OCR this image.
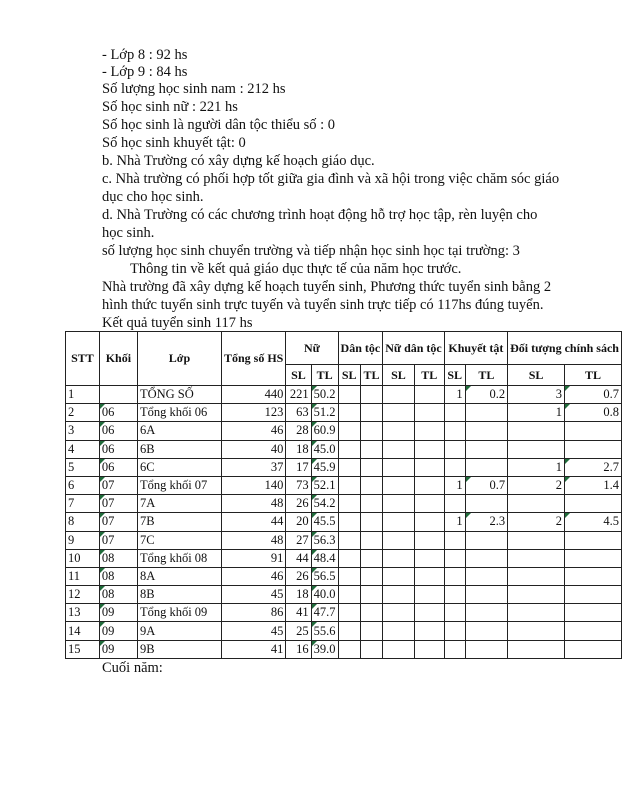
- Lớp 8 : 92 hs
- Lớp 9 : 84 hs
Số lượng học sinh nam : 212 hs
Số học sinh nữ : 221 hs
Số học sinh là người dân tộc thiểu số : 0
Số học sinh khuyết tật: 0
b. Nhà Trường có xây dựng kế hoạch giáo dục.
c. Nhà trường có phối hợp tốt giữa gia đình và xã hội trong việc chăm sóc giáo
dục cho học sinh.
d. Nhà Trường có các chương trình hoạt động hỗ trợ học tập, rèn luyện cho
học sinh.
số lượng học sinh chuyển trường và tiếp nhận học sinh học tại trường: 3
Thông tin về kết quả giáo dục thực tế của năm học trước.
Nhà trường đã xây dựng kế hoạch tuyển sinh, Phương thức tuyển sinh bằng 2
hình thức tuyển sinh trực tuyến và tuyển sinh trực tiếp có 117hs đúng tuyển.
Kết quả tuyển sinh 117 hs
STT	Khối	Lớp	Tổng số HS	Nữ		Dân tộc		Nữ dân tộc		Khuyết tật		Đối tượng chính sách	
				SL	TL	SL	TL	SL	TL	SL	TL	SL	TL
1		TỔNG SỐ	440	221	50.2					1	0.2	3	0.7
2	06	Tổng khối 06	123	63	51.2							1	0.8
3	06	6A	46	28	60.9								
4	06	6B	40	18	45.0								
5	06	6C	37	17	45.9							1	2.7
6	07	Tổng khối 07	140	73	52.1					1	0.7	2	1.4
7	07	7A	48	26	54.2								
8	07	7B	44	20	45.5					1	2.3	2	4.5
9	07	7C	48	27	56.3								
10	08	Tổng khối 08	91	44	48.4								
11	08	8A	46	26	56.5								
12	08	8B	45	18	40.0								
13	09	Tổng khối 09	86	41	47.7								
14	09	9A	45	25	55.6								
15	09	9B	41	16	39.0								
Cuối năm:
